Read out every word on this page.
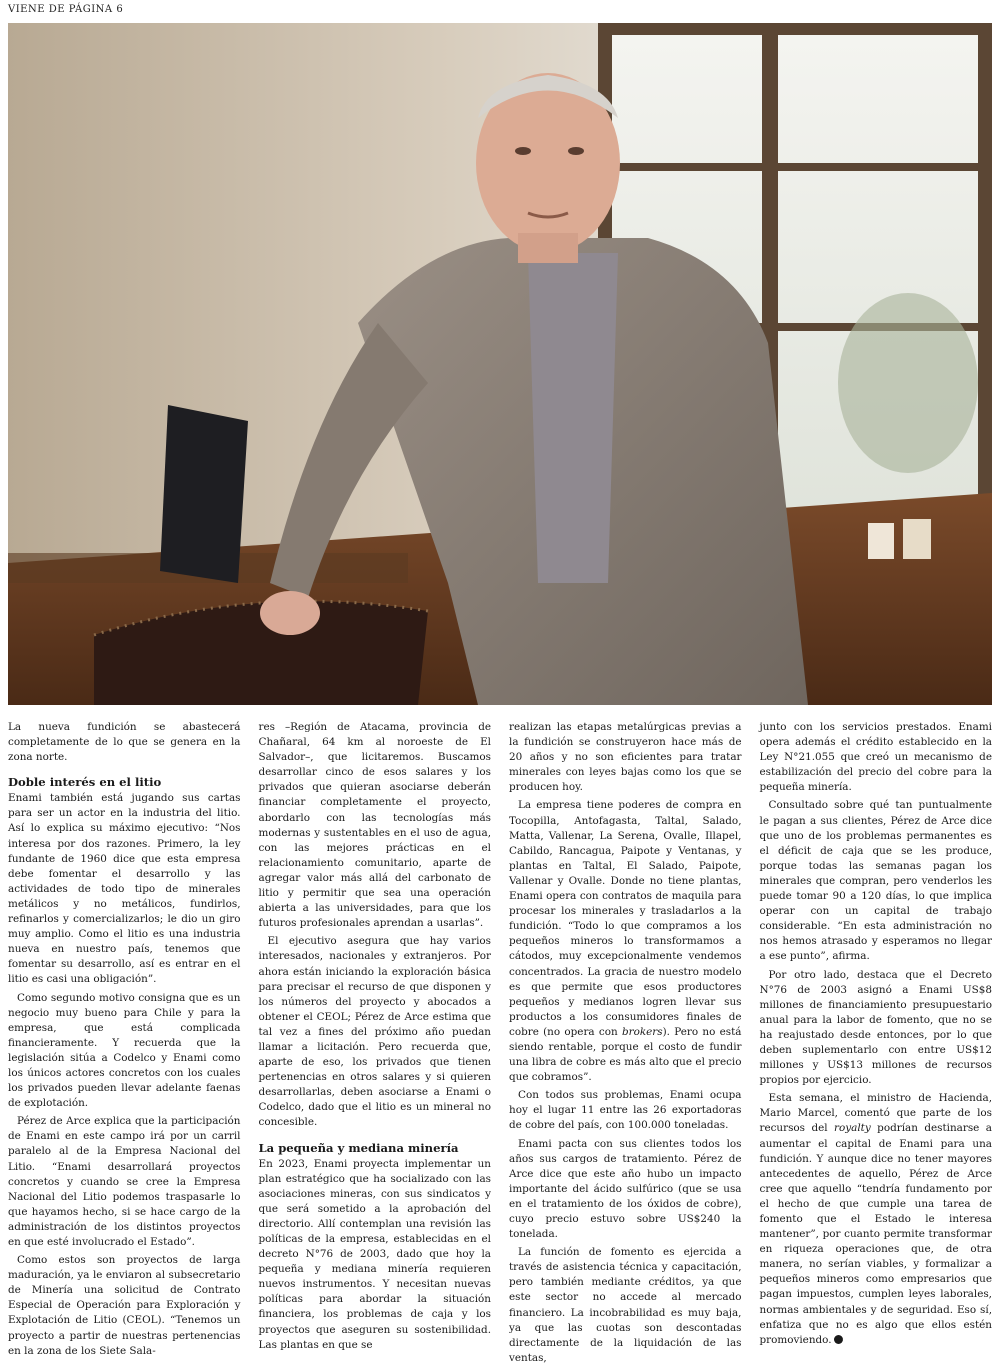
VIENE DE PÁGINA 6

La nueva fundición se abastecerá completamente de lo que se genera en la zona norte.

Doble interés en el litio

Enami también está jugando sus cartas para ser un actor en la industria del litio. Así lo explica su máximo ejecutivo: “Nos interesa por dos razones. Primero, la ley fundante de 1960 dice que esta empresa debe fomentar el desarrollo y las actividades de todo tipo de minerales metálicos y no metálicos, fundirlos, refinarlos y comercializarlos; le dio un giro muy amplio. Como el litio es una industria nueva en nuestro país, tenemos que fomentar su desarrollo, así es entrar en el litio es casi una obligación”.

Como segundo motivo consigna que es un negocio muy bueno para Chile y para la empresa, que está complicada financieramente. Y recuerda que la legislación sitúa a Codelco y Enami como los únicos actores concretos con los cuales los privados pueden llevar adelante faenas de explotación.

Pérez de Arce explica que la participación de Enami en este campo irá por un carril paralelo al de la Empresa Nacional del Litio. “Enami desarrollará proyectos concretos y cuando se cree la Empresa Nacional del Litio podemos traspasarle lo que hayamos hecho, si se hace cargo de la administración de los distintos proyectos en que esté involucrado el Estado”.

Como estos son proyectos de larga maduración, ya le enviaron al subsecretario de Minería una solicitud de Contrato Especial de Operación para Exploración y Explotación de Litio (CEOL). “Tenemos un proyecto a partir de nuestras pertenencias en la zona de los Siete Sala-

res –Región de Atacama, provincia de Chañaral, 64 km al noroeste de El Salvador–, que licitaremos. Buscamos desarrollar cinco de esos salares y los privados que quieran asociarse deberán financiar completamente el proyecto, abordarlo con las tecnologías más modernas y sustentables en el uso de agua, con las mejores prácticas en el relacionamiento comunitario, aparte de agregar valor más allá del carbonato de litio y permitir que sea una operación abierta a las universidades, para que los futuros profesionales aprendan a usarlas”.

El ejecutivo asegura que hay varios interesados, nacionales y extranjeros. Por ahora están iniciando la exploración básica para precisar el recurso de que disponen y los números del proyecto y abocados a obtener el CEOL; Pérez de Arce estima que tal vez a fines del próximo año puedan llamar a licitación. Pero recuerda que, aparte de eso, los privados que tienen pertenencias en otros salares y si quieren desarrollarlas, deben asociarse a Enami o Codelco, dado que el litio es un mineral no concesible.

La pequeña y mediana minería

En 2023, Enami proyecta implementar un plan estratégico que ha socializado con las asociaciones mineras, con sus sindicatos y que será sometido a la aprobación del directorio. Allí contemplan una revisión las políticas de la empresa, establecidas en el decreto N°76 de 2003, dado que hoy la pequeña y mediana minería requieren nuevos instrumentos. Y necesitan nuevas políticas para abordar la situación financiera, los problemas de caja y los proyectos que aseguren su sostenibilidad. Las plantas en que se

realizan las etapas metalúrgicas previas a la fundición se construyeron hace más de 20 años y no son eficientes para tratar minerales con leyes bajas como los que se producen hoy.

La empresa tiene poderes de compra en Tocopilla, Antofagasta, Taltal, Salado, Matta, Vallenar, La Serena, Ovalle, Illapel, Cabildo, Rancagua, Paipote y Ventanas, y plantas en Taltal, El Salado, Paipote, Vallenar y Ovalle. Donde no tiene plantas, Enami opera con contratos de maquila para procesar los minerales y trasladarlos a la fundición. “Todo lo que compramos a los pequeños mineros lo transformamos a cátodos, muy excepcionalmente vendemos concentrados. La gracia de nuestro modelo es que permite que esos productores pequeños y medianos logren llevar sus productos a los consumidores finales de cobre (no opera con brokers). Pero no está siendo rentable, porque el costo de fundir una libra de cobre es más alto que el precio que cobramos”.

Con todos sus problemas, Enami ocupa hoy el lugar 11 entre las 26 exportadoras de cobre del país, con 100.000 toneladas.

Enami pacta con sus clientes todos los años sus cargos de tratamiento. Pérez de Arce dice que este año hubo un impacto importante del ácido sulfúrico (que se usa en el tratamiento de los óxidos de cobre), cuyo precio estuvo sobre US$240 la tonelada.

La función de fomento es ejercida a través de asistencia técnica y capacitación, pero también mediante créditos, ya que este sector no accede al mercado financiero. La incobrabilidad es muy baja, ya que las cuotas son descontadas directamente de la liquidación de las ventas,

junto con los servicios prestados. Enami opera además el crédito establecido en la Ley N°21.055 que creó un mecanismo de estabilización del precio del cobre para la pequeña minería.

Consultado sobre qué tan puntualmente le pagan a sus clientes, Pérez de Arce dice que uno de los problemas permanentes es el déficit de caja que se les produce, porque todas las semanas pagan los minerales que compran, pero venderlos les puede tomar 90 a 120 días, lo que implica operar con un capital de trabajo considerable. “En esta administración no nos hemos atrasado y esperamos no llegar a ese punto”, afirma.

Por otro lado, destaca que el Decreto N°76 de 2003 asignó a Enami US$8 millones de financiamiento presupuestario anual para la labor de fomento, que no se ha reajustado desde entonces, por lo que deben suplementarlo con entre US$12 millones y US$13 millones de recursos propios por ejercicio.

Esta semana, el ministro de Hacienda, Mario Marcel, comentó que parte de los recursos del royalty podrían destinarse a aumentar el capital de Enami para una fundición. Y aunque dice no tener mayores antecedentes de aquello, Pérez de Arce cree que aquello “tendría fundamento por el hecho de que cumple una tarea de fomento que el Estado le interesa mantener”, por cuanto permite transformar en riqueza operaciones que, de otra manera, no serían viables, y formalizar a pequeños mineros como empresarios que pagan impuestos, cumplen leyes laborales, normas ambientales y de seguridad. Eso sí, enfatiza que no es algo que ellos estén promoviendo. ●
